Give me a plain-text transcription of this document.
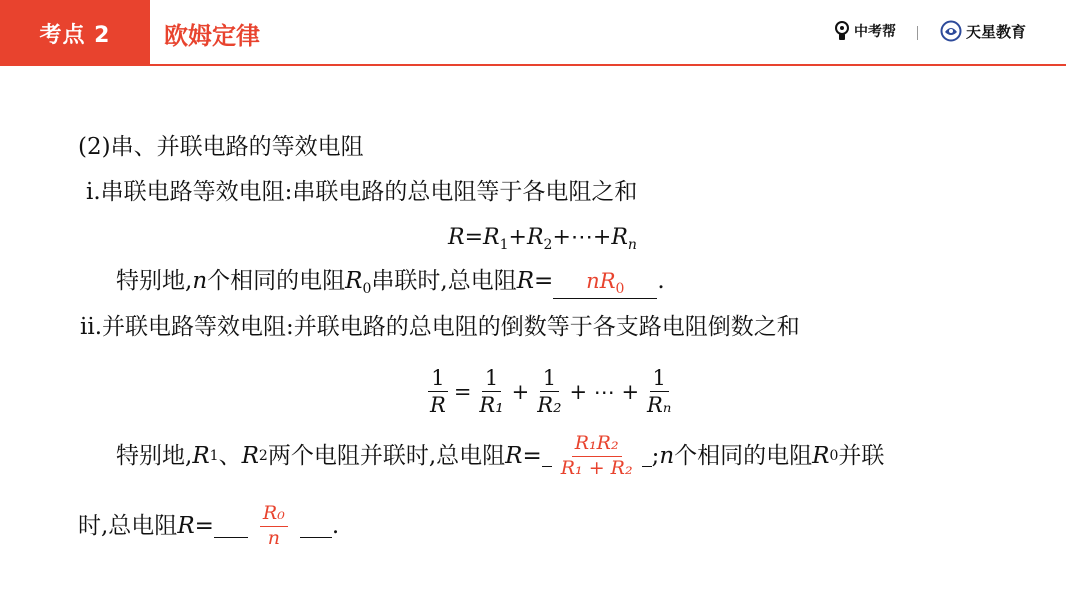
考点 2	欧姆定律	中考帮	天星教育
(2)串、并联电路的等效电阻
ⅰ.串联电路等效电阻:串联电路的总电阻等于各电阻之和
$R=R_1+R_2+\cdots+R_n$
特别地,n个相同的电阻$R_0$串联时,总电阻$R= nR_0$ .
ⅱ.并联电路等效电阻:并联电路的总电阻的倒数等于各支路电阻倒数之和
$\frac{1}{R} = \frac{1}{\text{R₁}} + \frac{1}{\text{R₂}}$ + ⋯ + $\frac{1}{\text{Rₙ}}$
特别地, R 1 、 R 2 两个电阻并联时,总电阻 $R = \frac{\text{R₁R₂}}{\text{R₁ + R₂}}$ ; n 个相同的电阻 R 0 并联
时,总电阻 $R = \frac{\text{R₀}}{n}$ .
